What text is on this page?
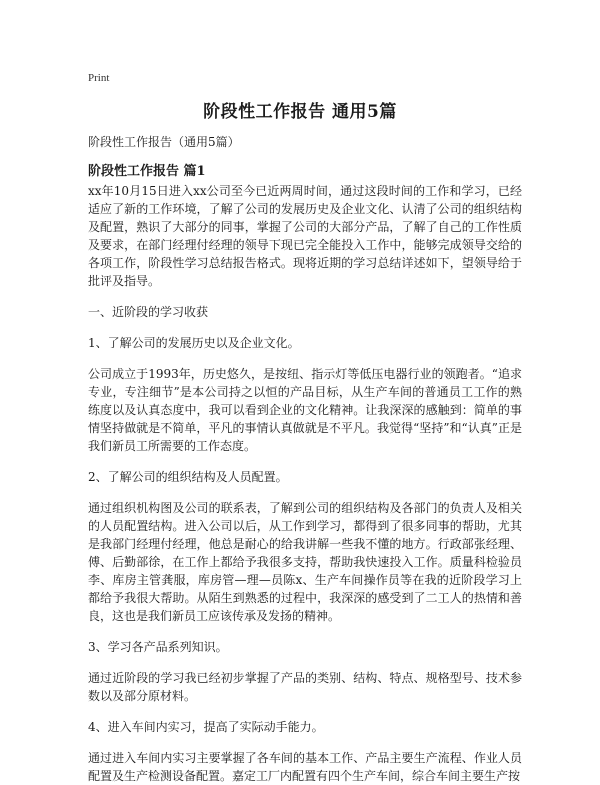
Print
阶段性工作报告 通用5篇
阶段性工作报告（通用5篇）
阶段性工作报告 篇1

xx年10月15日进入xx公司至今已近两周时间，通过这段时间的工作和学习，已经适应了新的工作环境，了解了公司的发展历史及企业文化、认清了公司的组织结构及配置，熟识了大部分的同事，掌握了公司的大部分产品，了解了自己的工作性质及要求，在部门经理付经理的领导下现已完全能投入工作中，能够完成领导交给的各项工作，阶段性学习总结报告格式。现将近期的学习总结详述如下，望领导给于批评及指导。

一、近阶段的学习收获

1、了解公司的发展历史以及企业文化。

公司成立于1993年，历史悠久，是按纽、指示灯等低压电器行业的领跑者。“追求专业，专注细节”是本公司持之以恒的产品目标，从生产车间的普通员工工作的熟练度以及认真态度中，我可以看到企业的文化精神。让我深深的感触到：简单的事情坚持做就是不简单，平凡的事情认真做就是不平凡。我觉得“坚持”和“认真”正是我们新员工所需要的工作态度。

2、了解公司的组织结构及人员配置。

通过组织机构图及公司的联系表，了解到公司的组织结构及各部门的负责人及相关的人员配置结构。进入公司以后，从工作到学习，都得到了很多同事的帮助，尤其是我部门经理付经理，他总是耐心的给我讲解一些我不懂的地方。行政部张经理、傅、后勤部徐，在工作上都给予我很多支持，帮助我快速投入工作。质量科检验员李、库房主管龚服，库房管—理—员陈x、生产车间操作员等在我的近阶段学习上都给予我很大帮助。从陌生到熟悉的过程中，我深深的感受到了二工人的热情和善良，这也是我们新员工应该传承及发扬的精神。

3、学习各产品系列知识。

通过近阶段的学习我已经初步掌握了产品的类别、结构、特点、规格型号、技术参数以及部分原材料。

4、进入车间内实习，提高了实际动手能力。

通过进入车间内实习主要掌握了各车间的基本工作、产品主要生产流程、作业人员配置及生产检测设备配置。嘉定工厂内配置有四个生产车间，综合车间主要生产按
